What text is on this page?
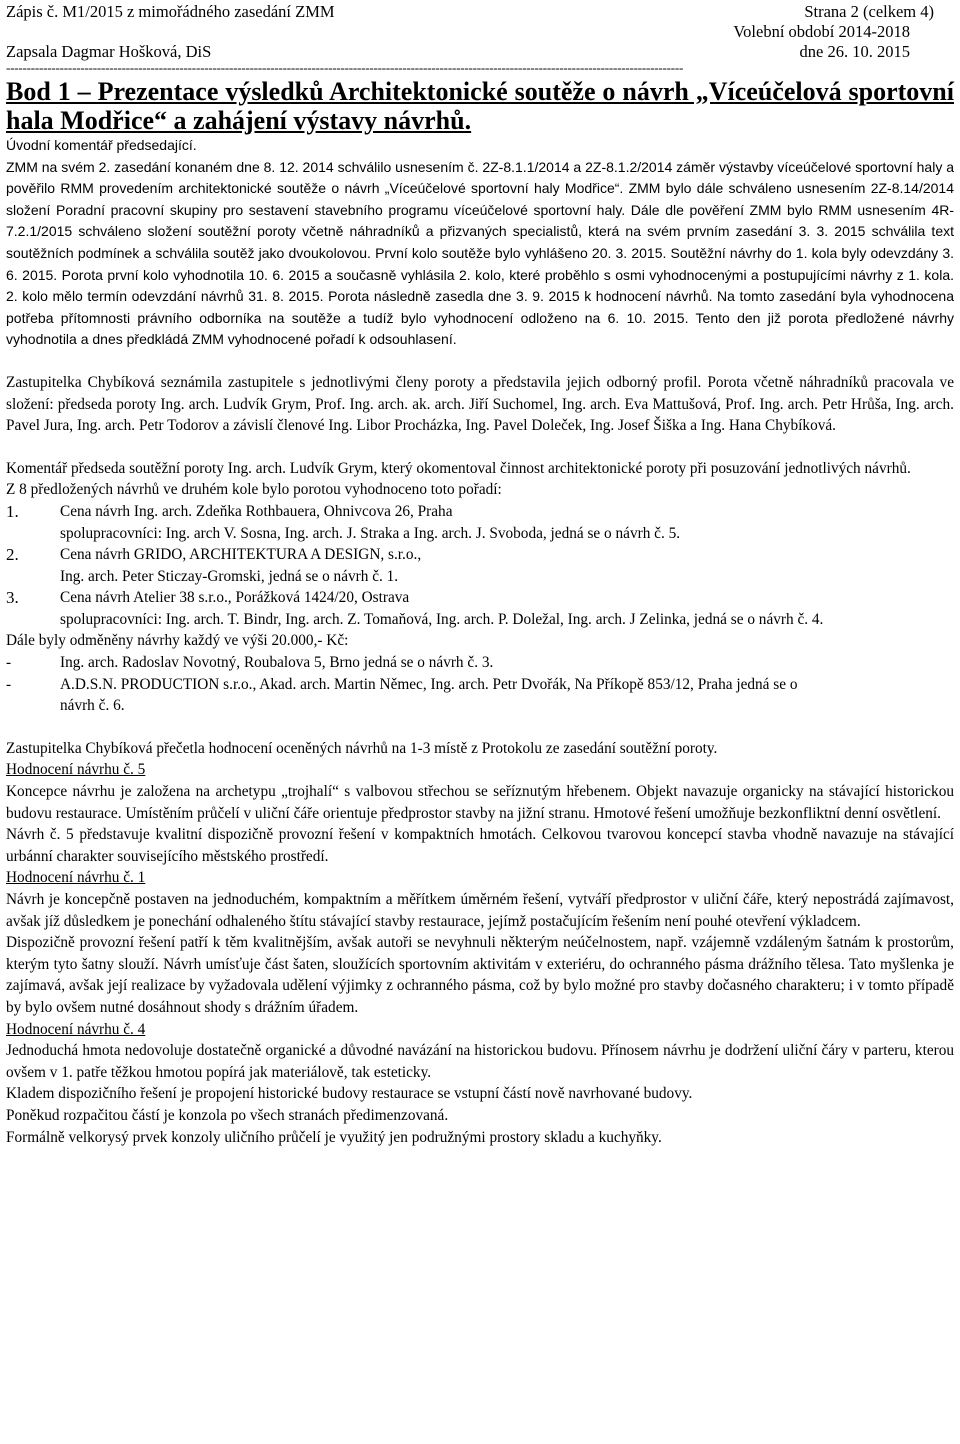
Zápis č. M1/2015 z mimořádného zasedání ZMM	Strana 2 (celkem 4)
Volební období 2014-2018
Zapsala Dagmar Hošková, DiS	dne 26. 10. 2015
--------------------------------------------------------------------------------------------------------------------------------------------------------------------
Bod 1 – Prezentace výsledků Architektonické soutěže o návrh „Víceúčelová sportovní hala Modřice“ a zahájení výstavy návrhů.

Úvodní komentář předsedající.

ZMM na svém 2. zasedání konaném dne 8. 12. 2014 schválilo usnesením č. 2Z-8.1.1/2014 a 2Z-8.1.2/2014 záměr výstavby víceúčelové sportovní haly a pověřilo RMM provedením architektonické soutěže o návrh „Víceúčelové sportovní haly Modřice“. ZMM bylo dále schváleno usnesením 2Z-8.14/2014 složení Poradní pracovní skupiny pro sestavení stavebního programu víceúčelové sportovní haly. Dále dle pověření ZMM bylo RMM usnesením 4R-7.2.1/2015 schváleno složení soutěžní poroty včetně náhradníků a přizvaných specialistů, která na svém prvním zasedání 3. 3. 2015 schválila text soutěžních podmínek a schválila soutěž jako dvoukolovou. První kolo soutěže bylo vyhlášeno 20. 3. 2015. Soutěžní návrhy do 1. kola byly odevzdány 3. 6. 2015. Porota první kolo vyhodnotila 10. 6. 2015 a současně vyhlásila 2. kolo, které proběhlo s osmi vyhodnocenými a postupujícími návrhy z 1. kola. 2. kolo mělo termín odevzdání návrhů 31. 8. 2015. Porota následně zasedla dne 3. 9. 2015 k hodnocení návrhů. Na tomto zasedání byla vyhodnocena potřeba přítomnosti právního odborníka na soutěže a tudíž bylo vyhodnocení odloženo na 6. 10. 2015. Tento den již porota předložené návrhy vyhodnotila a dnes předkládá ZMM vyhodnocené pořadí k odsouhlasení.

Zastupitelka Chybíková seznámila zastupitele s jednotlivými členy poroty a představila jejich odborný profil. Porota včetně náhradníků pracovala ve složení: předseda poroty Ing. arch. Ludvík Grym, Prof. Ing. arch. ak. arch. Jiří Suchomel, Ing. arch. Eva Mattušová, Prof. Ing. arch. Petr Hrůša, Ing. arch. Pavel Jura, Ing. arch. Petr Todorov a závislí členové Ing. Libor Procházka, Ing. Pavel Doleček, Ing. Josef Šiška a Ing. Hana Chybíková.

Komentář předseda soutěžní poroty Ing. arch. Ludvík Grym, který okomentoval činnost architektonické poroty při posuzování jednotlivých návrhů.

Z 8 předložených návrhů ve druhém kole bylo porotou vyhodnoceno toto pořadí:

1.	Cena návrh Ing. arch. Zdeňka Rothbauera, Ohnivcova 26, Praha

spolupracovníci: Ing. arch V. Sosna, Ing. arch. J. Straka a Ing. arch. J. Svoboda, jedná se o návrh č. 5.

2.	Cena návrh GRIDO, ARCHITEKTURA A DESIGN, s.r.o.,

Ing. arch. Peter Sticzay-Gromski, jedná se o návrh č. 1.

3.	Cena návrh Atelier 38 s.r.o., Porážková 1424/20, Ostrava

spolupracovníci: Ing. arch. T. Bindr, Ing. arch. Z. Tomaňová, Ing. arch. P. Doležal, Ing. arch. J Zelinka, jedná se o návrh č. 4.

Dále byly odměněny návrhy každý ve výši 20.000,- Kč:

-	Ing. arch. Radoslav Novotný, Roubalova 5, Brno jedná se o návrh č. 3.

-	A.D.S.N. PRODUCTION s.r.o., Akad. arch. Martin Němec, Ing. arch. Petr Dvořák, Na Příkopě 853/12, Praha jedná se o návrh č. 6.

Zastupitelka Chybíková přečetla hodnocení oceněných návrhů na 1-3 místě z Protokolu ze zasedání soutěžní poroty.

Hodnocení návrhu č. 5

Koncepce návrhu je založena na archetypu „trojhalí“ s valbovou střechou se seříznutým hřebenem. Objekt navazuje organicky na stávající historickou budovu restaurace. Umístěním průčelí v uliční čáře orientuje předprostor stavby na jižní stranu. Hmotové řešení umožňuje bezkonfliktní denní osvětlení.

Návrh č. 5 představuje kvalitní dispozičně provozní řešení v kompaktních hmotách. Celkovou tvarovou koncepcí stavba vhodně navazuje na stávající urbánní charakter souvisejícího městského prostředí.

Hodnocení návrhu č. 1

Návrh je koncepčně postaven na jednoduchém, kompaktním a měřítkem úměrném řešení, vytváří předprostor v uliční čáře, který nepostrádá zajímavost, avšak jíž důsledkem je ponechání odhaleného štítu stávající stavby restaurace, jejímž postačujícím řešením není pouhé otevření výkladcem.

Dispozičně provozní řešení patří k těm kvalitnějším, avšak autoři se nevyhnuli některým neúčelnostem, např. vzájemně vzdáleným šatnám k prostorům, kterým tyto šatny slouží. Návrh umísťuje část šaten, sloužících sportovním aktivitám v exteriéru, do ochranného pásma drážního tělesa. Tato myšlenka je zajímavá, avšak její realizace by vyžadovala udělení výjimky z ochranného pásma, což by bylo možné pro stavby dočasného charakteru; i v tomto případě by bylo ovšem nutné dosáhnout shody s drážním úřadem.

Hodnocení návrhu č. 4

Jednoduchá hmota nedovoluje dostatečně organické a důvodné navázání na historickou budovu. Přínosem návrhu je dodržení uliční čáry v parteru, kterou ovšem v 1. patře těžkou hmotou popírá jak materiálově, tak esteticky.

Kladem dispozičního řešení je propojení historické budovy restaurace se vstupní částí nově navrhované budovy.

Poněkud rozpačitou částí je konzola po všech stranách předimenzovaná.

Formálně velkorysý prvek konzoly uličního průčelí je využitý jen podružnými prostory skladu a kuchyňky.
